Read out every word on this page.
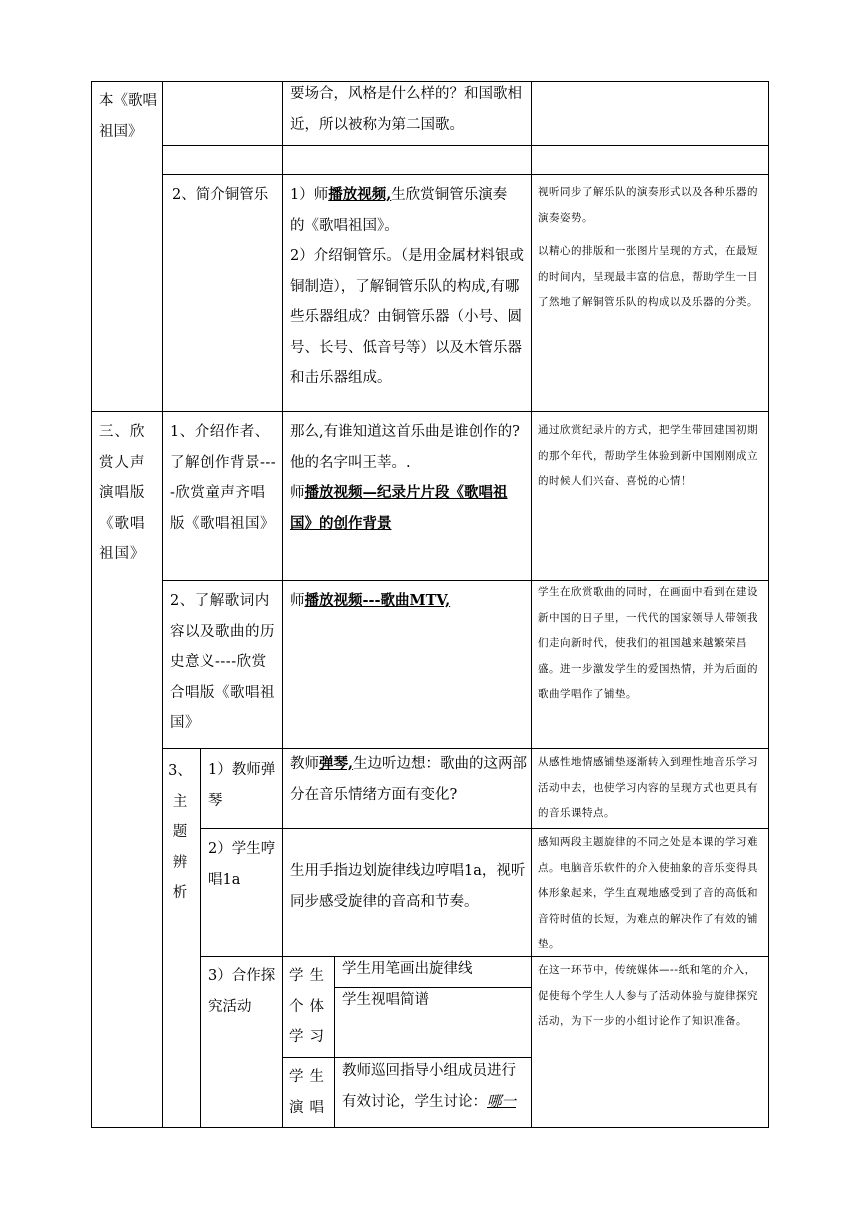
本《歌唱祖国》
要场合，风格是什么样的？和国歌相近，所以被称为第二国歌。
2、简介铜管乐	1）师播放视频,生欣赏铜管乐演奏

的《歌唱祖国》。

2）介绍铜管乐。（是用金属材料银或铜制造），了解铜管乐队的构成,有哪些乐器组成？由铜管乐器（小号、圆号、长号、低音号等）以及木管乐器和击乐器组成。

视听同步了解乐队的演奏形式以及各种乐器的演奏姿势。
以精心的排版和一张图片呈现的方式，在最短的时间内，呈现最丰富的信息，帮助学生一目了然地了解铜管乐队的构成以及乐器的分类。
三、欣赏人声演唱版《歌唱祖国》
1、介绍作者、了解创作背景----欣赏童声齐唱版《歌唱祖国》

那么,有谁知道这首乐曲是谁创作的?他的名字叫王莘。.

师播放视频—纪录片片段《歌唱祖国》的创作背景

通过欣赏纪录片的方式，把学生带回建国初期的那个年代，帮助学生体验到新中国刚刚成立的时候人们兴奋、喜悦的心情！
2、了解歌词内容以及歌曲的历史意义----欣赏合唱版《歌唱祖国》

师播放视频---歌曲MTV,	学生在欣赏歌曲的同时，在画面中看到在建设新中国的日子里，一代代的国家领导人带领我们走向新时代，使我们的祖国越来越繁荣昌盛。进一步激发学生的爱国热情，并为后面的歌曲学唱作了铺垫。
3、主题辨析
1）教师弹琴

教师弹琴,生边听边想：歌曲的这两部分在音乐情绪方面有变化?

从感性地情感铺垫逐渐转入到理性地音乐学习活动中去，也使学习内容的呈现方式也更具有的音乐课特点。
2）学生哼唱1a
生用手指边划旋律线边哼唱1a，视听同步感受旋律的音高和节奏。
感知两段主题旋律的不同之处是本课的学习难点。电脑音乐软件的介入使抽象的音乐变得具体形象起来，学生直观地感受到了音的高低和音符时值的长短，为难点的解决作了有效的铺垫。
3）合作探究活动
学生个体学习
学生用笔画出旋律线
学生视唱简谱
学生演唱
教师巡回指导小组成员进行有效讨论，学生讨论：哪一
在这一环节中，传统媒体—--纸和笔的介入，促使每个学生人人参与了活动体验与旋律探究活动，为下一步的小组讨论作了知识准备。
